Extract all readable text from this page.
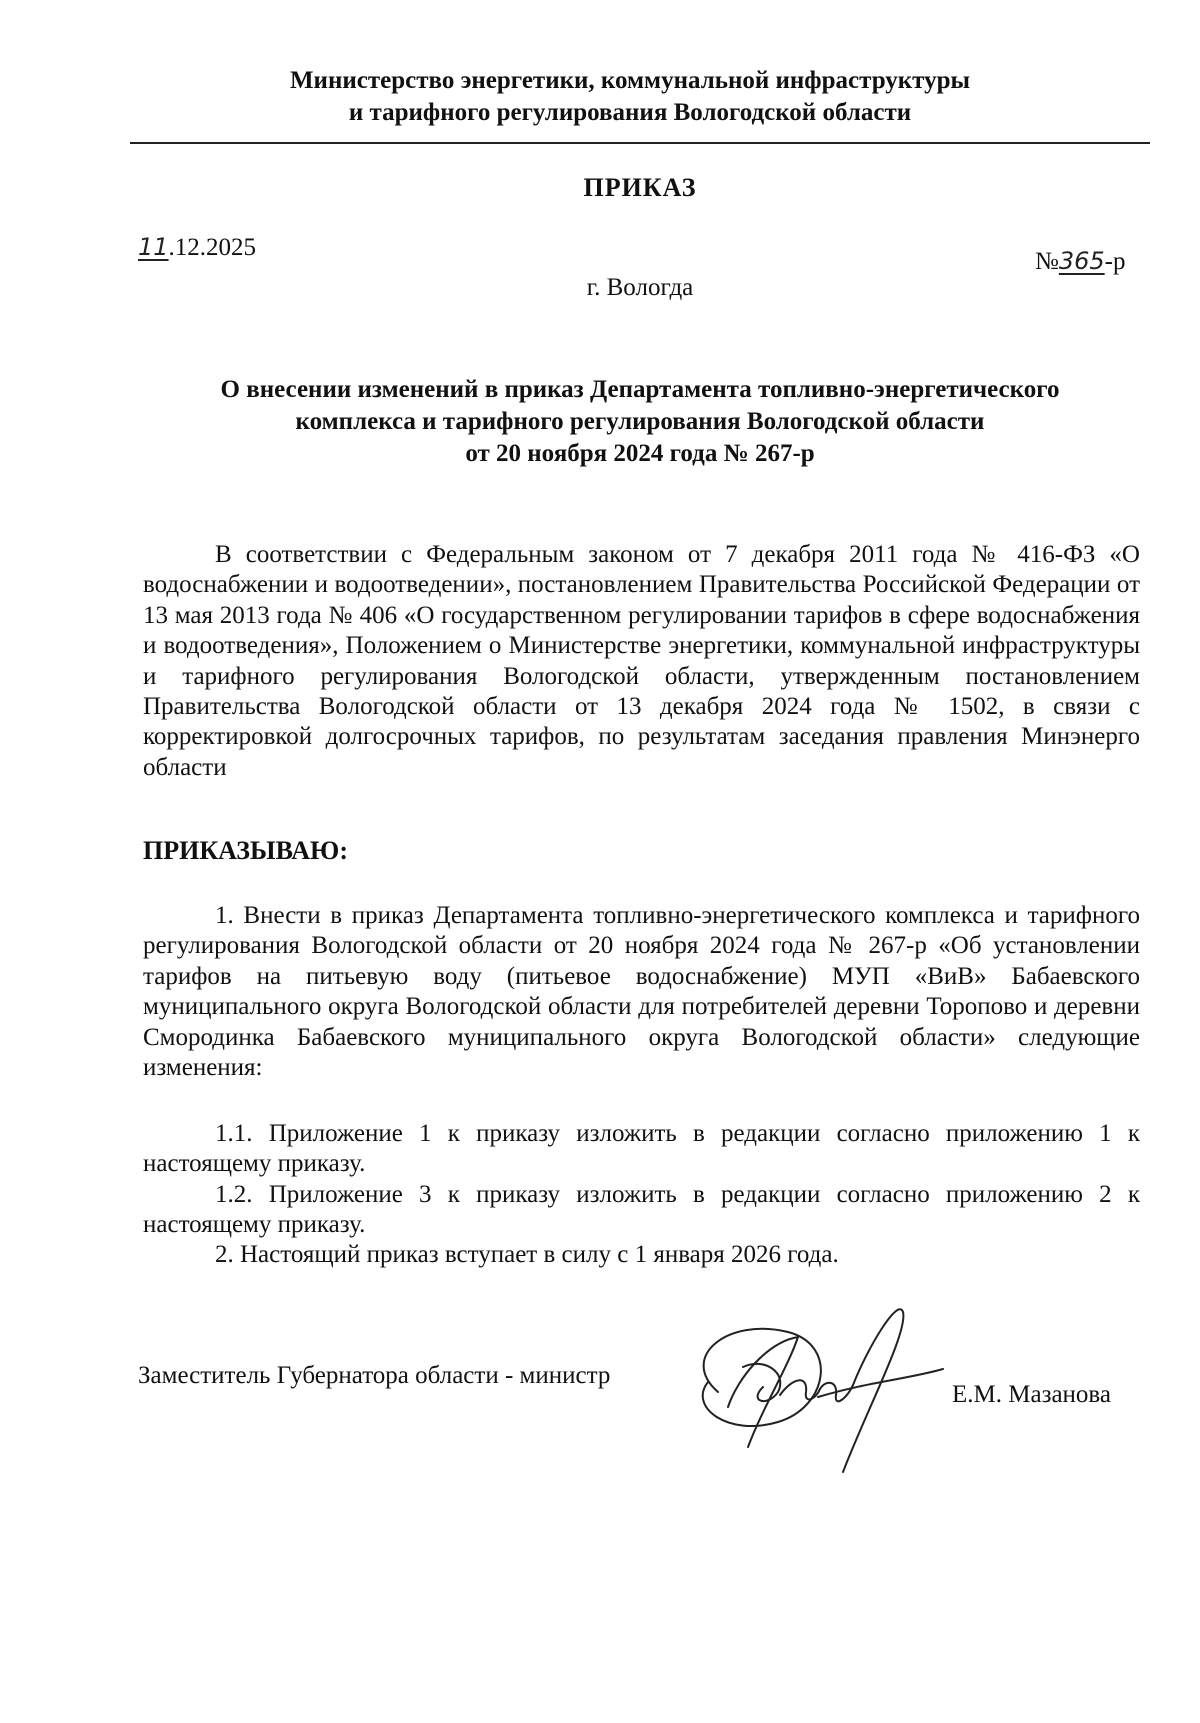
Министерство энергетики, коммунальной инфраструктуры
и тарифного регулирования Вологодской области
ПРИКАЗ
11.12.2025
№365-р
г. Вологда
О внесении изменений в приказ Департамента топливно-энергетического
комплекса и тарифного регулирования Вологодской области
от 20 ноября 2024 года № 267-р
В соответствии с Федеральным законом от 7 декабря 2011 года № 416-ФЗ «О водоснабжении и водоотведении», постановлением Правительства Российской Федерации от 13 мая 2013 года № 406 «О государственном регулировании тарифов в сфере водоснабжения и водоотведения», Положением о Министерстве энергетики, коммунальной инфраструктуры и тарифного регулирования Вологодской области, утвержденным постановлением Правительства Вологодской области от 13 декабря 2024 года № 1502, в связи с корректировкой долгосрочных тарифов, по результатам заседания правления Минэнерго области
ПРИКАЗЫВАЮ:
1. Внести в приказ Департамента топливно-энергетического комплекса и тарифного регулирования Вологодской области от 20 ноября 2024 года № 267-р «Об установлении тарифов на питьевую воду (питьевое водоснабжение) МУП «ВиВ» Бабаевского муниципального округа Вологодской области для потребителей деревни Торопово и деревни Смородинка Бабаевского муниципального округа Вологодской области» следующие изменения:
1.1. Приложение 1 к приказу изложить в редакции согласно приложению 1 к настоящему приказу.
1.2. Приложение 3 к приказу изложить в редакции согласно приложению 2 к настоящему приказу.
2. Настоящий приказ вступает в силу с 1 января 2026 года.
Заместитель Губернатора области - министр
Е.М. Мазанова
